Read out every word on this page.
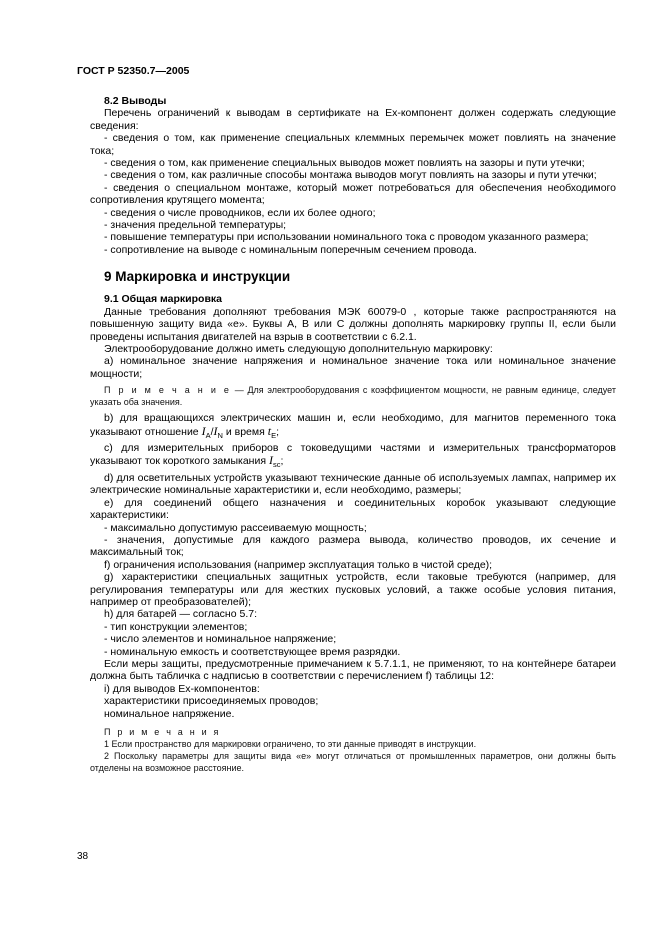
ГОСТ Р 52350.7—2005

8.2 Выводы

Перечень ограничений к выводам в сертификате на Ex-компонент должен содержать следующие сведения:

- сведения о том, как применение специальных клеммных перемычек может повлиять на значение тока;

- сведения о том, как применение специальных выводов может повлиять на зазоры и пути утечки;

- сведения о том, как различные способы монтажа выводов могут повлиять на зазоры и пути утечки;

- сведения о специальном монтаже, который может потребоваться для обеспечения необходимого сопротивления крутящего момента;

- сведения о числе проводников, если их более одного;

- значения предельной температуры;

- повышение температуры при использовании номинального тока с проводом указанного размера;

- сопротивление на выводе с номинальным поперечным сечением провода.

9 Маркировка и инструкции

9.1 Общая маркировка

Данные требования дополняют требования МЭК 60079-0 , которые также распространяются на повышенную защиту вида «е». Буквы А, В или С должны дополнять маркировку группы II, если были проведены испытания двигателей на взрыв в соответствии с 6.2.1.

Электрооборудование должно иметь следующую дополнительную маркировку:

а) номинальное значение напряжения и номинальное значение тока или номинальное значение мощности;

П р и м е ч а н и е — Для электрооборудования с коэффициентом мощности, не равным единице, следует указать оба значения.

b) для вращающихся электрических машин и, если необходимо, для магнитов переменного тока указывают отношение $I_A/I_N$ и время $t_E$;

с) для измерительных приборов с токоведущими частями и измерительных трансформаторов указывают ток короткого замыкания $I_{sc}$;

d) для осветительных устройств указывают технические данные об используемых лампах, например их электрические номинальные характеристики и, если необходимо, размеры;

е) для соединений общего назначения и соединительных коробок указывают следующие характеристики:

- максимально допустимую рассеиваемую мощность;

- значения, допустимые для каждого размера вывода, количество проводов, их сечение и максимальный ток;

f) ограничения использования (например эксплуатация только в чистой среде);

g) характеристики специальных защитных устройств, если таковые требуются (например, для регулирования температуры или для жестких пусковых условий, а также особые условия питания, например от преобразователей);

h) для батарей — согласно 5.7:

- тип конструкции элементов;

- число элементов и номинальное напряжение;

- номинальную емкость и соответствующее время разрядки.

Если меры защиты, предусмотренные примечанием к 5.7.1.1, не применяют, то на контейнере батареи должна быть табличка с надписью в соответствии с перечислением f) таблицы 12:

i) для выводов Ex-компонентов:

характеристики присоединяемых проводов;

номинальное напряжение.

П р и м е ч а н и я

1 Если пространство для маркировки ограничено, то эти данные приводят в инструкции.

2 Поскольку параметры для защиты вида «е» могут отличаться от промышленных параметров, они должны быть отделены на возможное расстояние.

38
